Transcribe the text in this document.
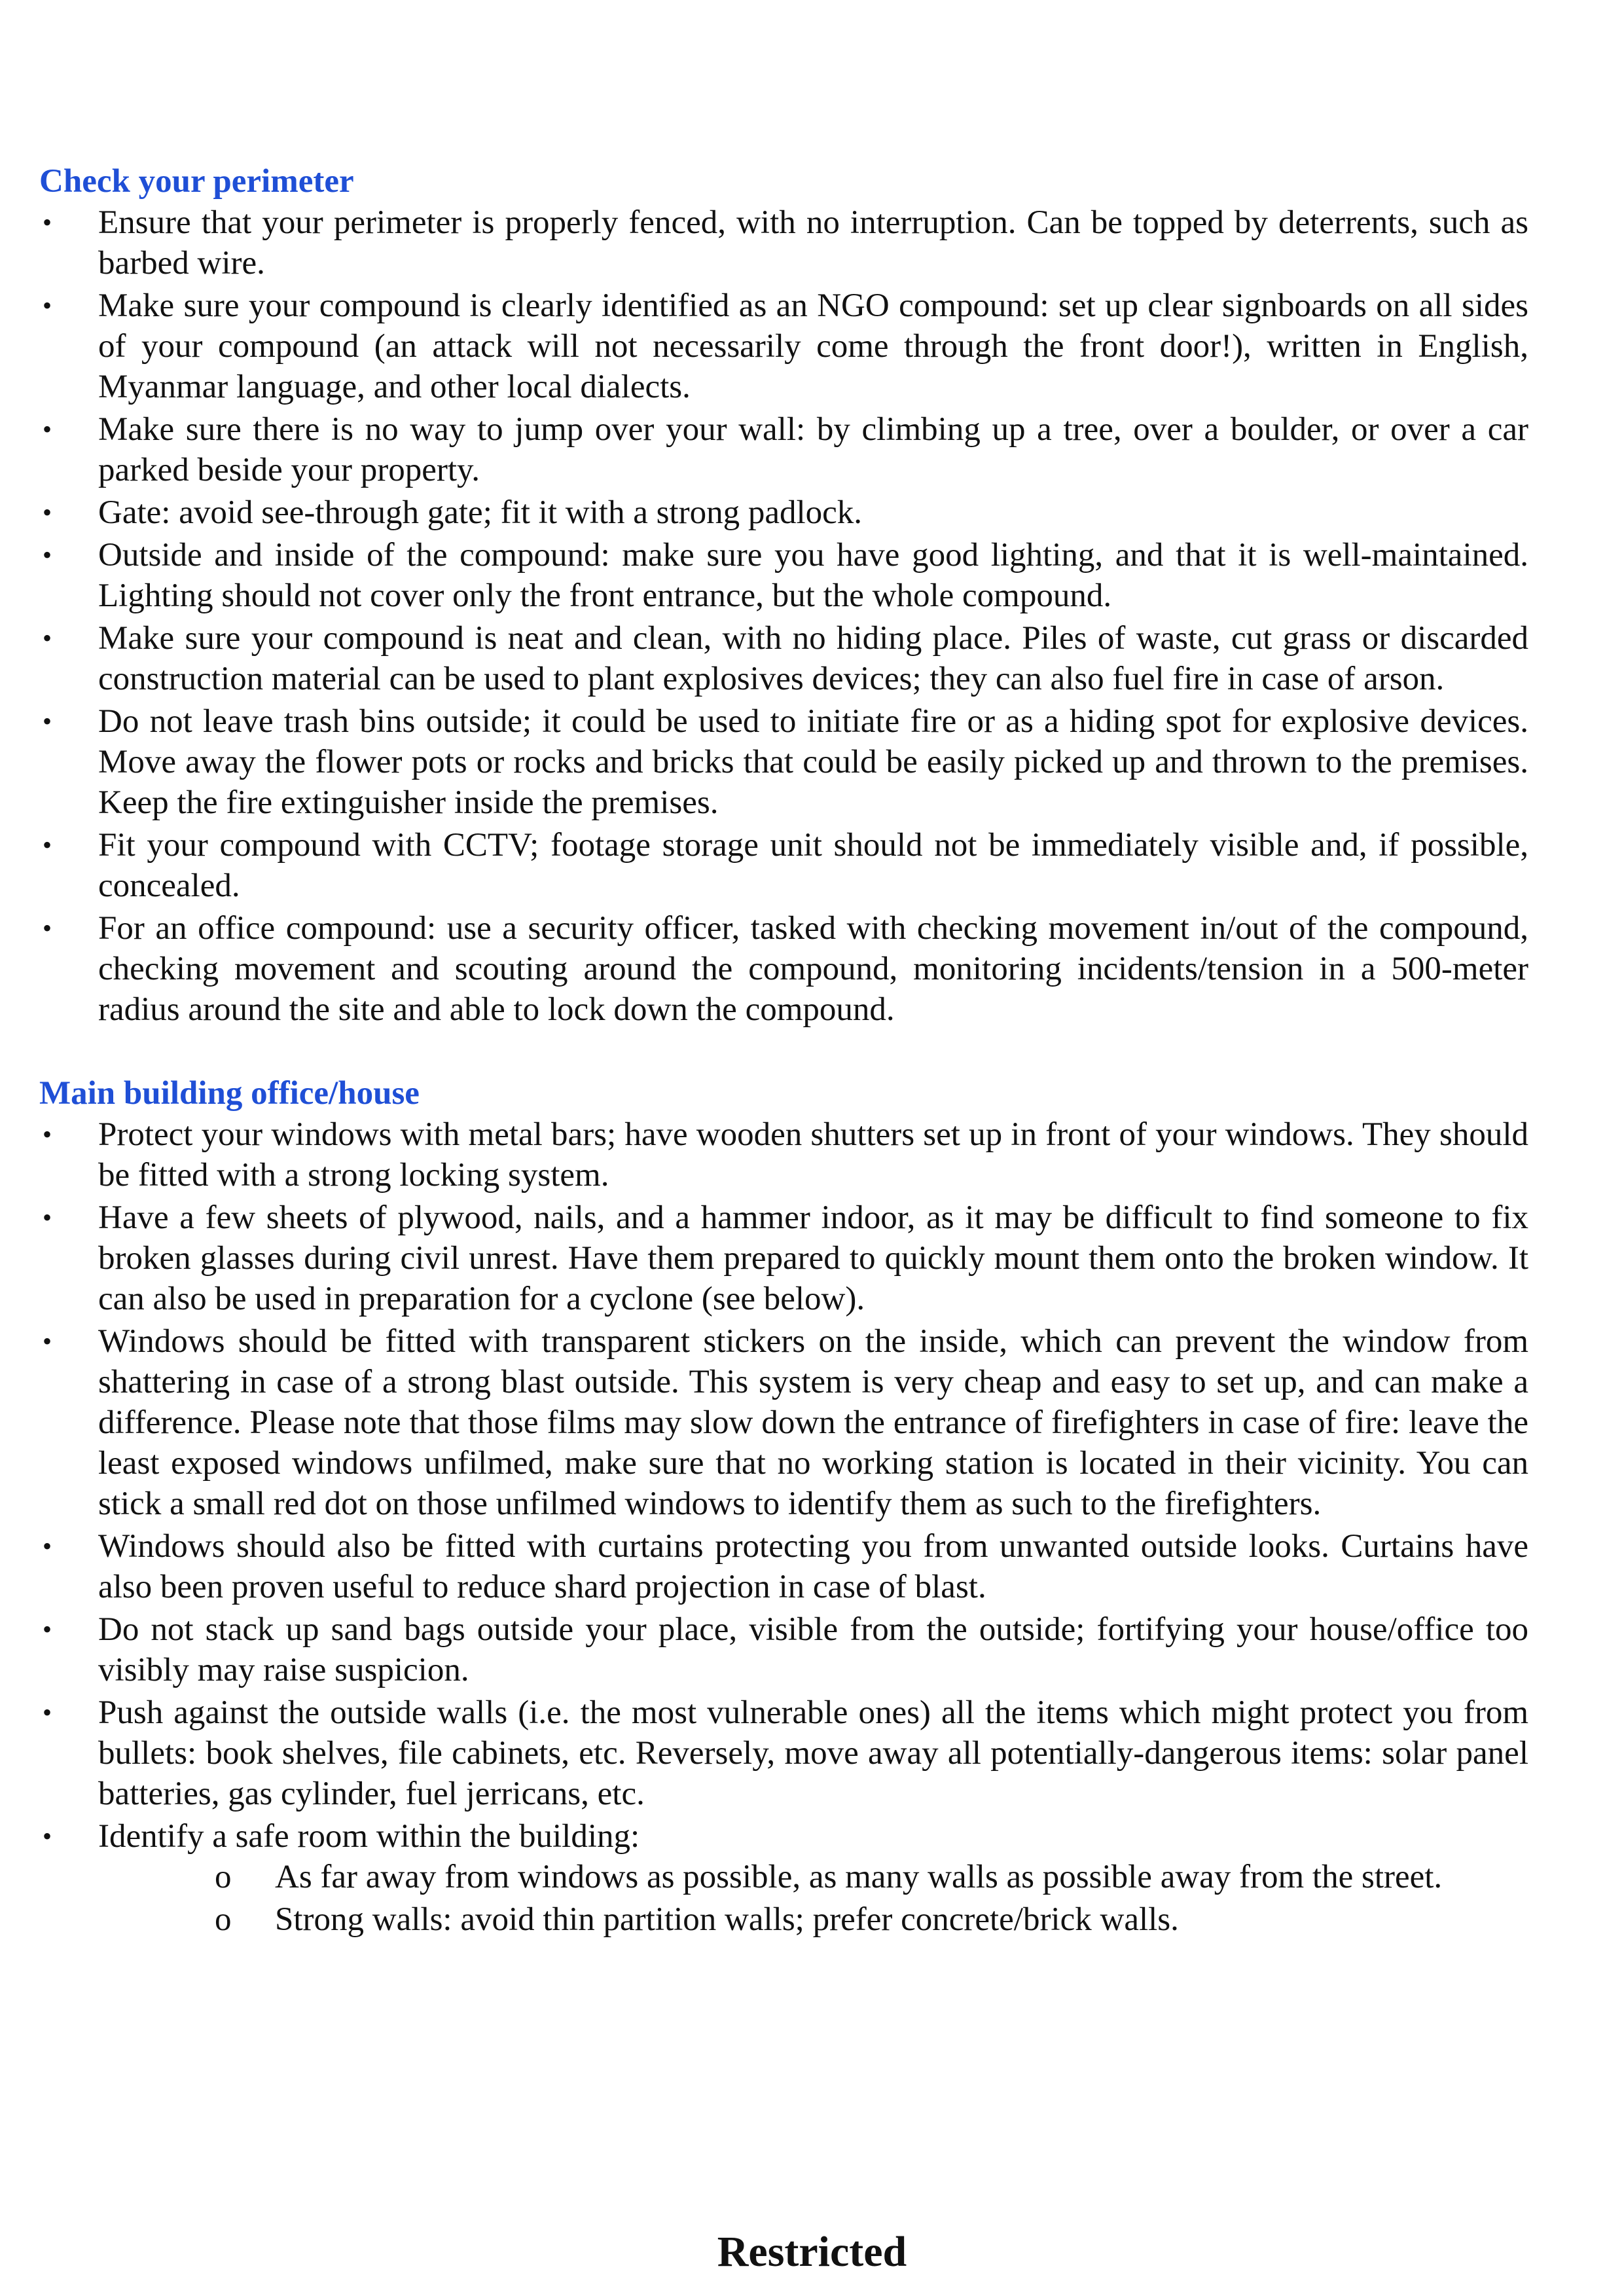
Check your perimeter
•	Ensure that your perimeter is properly fenced, with no interruption. Can be topped by deterrents, such as barbed wire.
•	Make sure your compound is clearly identified as an NGO compound: set up clear signboards on all sides of your compound (an attack will not necessarily come through the front door!), written in English, Myanmar language, and other local dialects.
•	Make sure there is no way to jump over your wall: by climbing up a tree, over a boulder, or over a car parked beside your property.
•	Gate: avoid see-through gate; fit it with a strong padlock.
•	Outside and inside of the compound: make sure you have good lighting, and that it is well-maintained. Lighting should not cover only the front entrance, but the whole compound.
•	Make sure your compound is neat and clean, with no hiding place. Piles of waste, cut grass or discarded construction material can be used to plant explosives devices; they can also fuel fire in case of arson.
•	Do not leave trash bins outside; it could be used to initiate fire or as a hiding spot for explosive devices. Move away the flower pots or rocks and bricks that could be easily picked up and thrown to the premises. Keep the fire extinguisher inside the premises.
•	Fit your compound with CCTV; footage storage unit should not be immediately visible and, if possible, concealed.
•	For an office compound: use a security officer, tasked with checking movement in/out of the compound, checking movement and scouting around the compound, monitoring incidents/tension in a 500-meter radius around the site and able to lock down the compound.
Main building office/house
•	Protect your windows with metal bars; have wooden shutters set up in front of your windows. They should be fitted with a strong locking system.
•	Have a few sheets of plywood, nails, and a hammer indoor, as it may be difficult to find someone to fix broken glasses during civil unrest. Have them prepared to quickly mount them onto the broken window. It can also be used in preparation for a cyclone (see below).
•	Windows should be fitted with transparent stickers on the inside, which can prevent the window from shattering in case of a strong blast outside. This system is very cheap and easy to set up, and can make a difference. Please note that those films may slow down the entrance of firefighters in case of fire: leave the least exposed windows unfilmed, make sure that no working station is located in their vicinity. You can stick a small red dot on those unfilmed windows to identify them as such to the firefighters.
•	Windows should also be fitted with curtains protecting you from unwanted outside looks. Curtains have also been proven useful to reduce shard projection in case of blast.
•	Do not stack up sand bags outside your place, visible from the outside; fortifying your house/office too visibly may raise suspicion.
•	Push against the outside walls (i.e. the most vulnerable ones) all the items which might protect you from bullets: book shelves, file cabinets, etc. Reversely, move away all potentially-dangerous items: solar panel batteries, gas cylinder, fuel jerricans, etc.
•	Identify a safe room within the building:
o As far away from windows as possible, as many walls as possible away from the street.
o Strong walls: avoid thin partition walls; prefer concrete/brick walls.
Restricted
